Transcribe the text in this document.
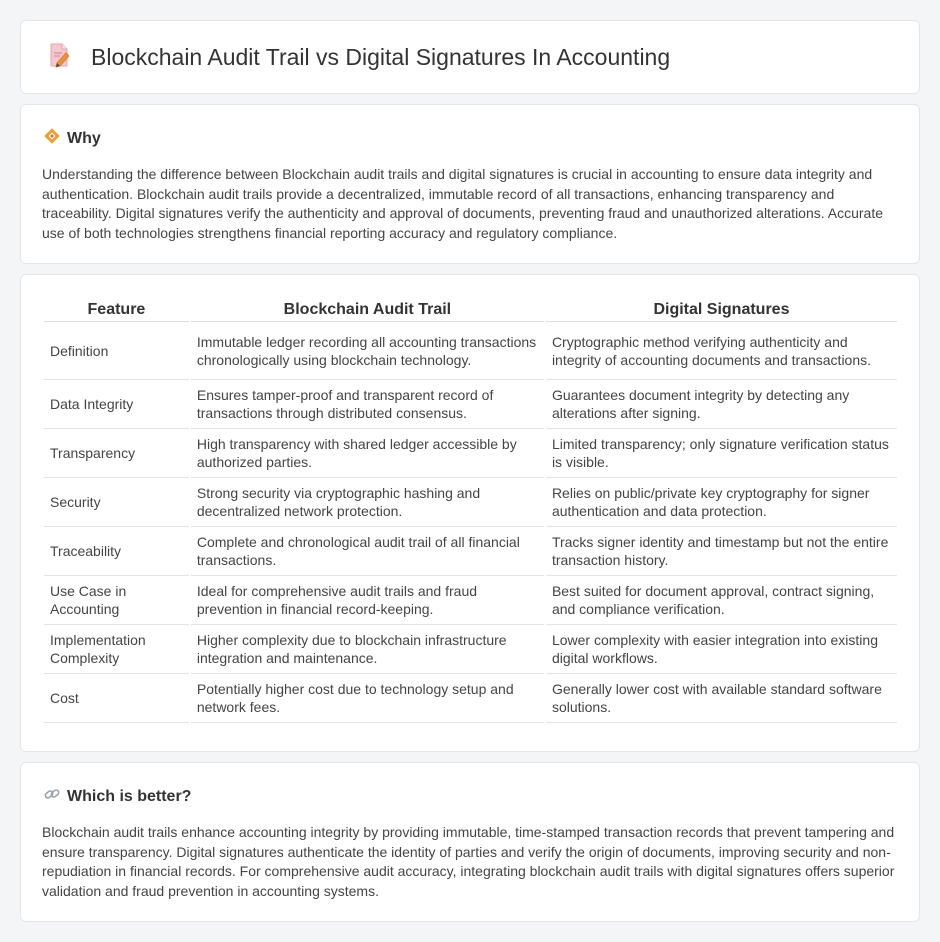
Blockchain Audit Trail vs Digital Signatures In Accounting
Why

Understanding the difference between Blockchain audit trails and digital signatures is crucial in accounting to ensure data integrity and authentication. Blockchain audit trails provide a decentralized, immutable record of all transactions, enhancing transparency and traceability. Digital signatures verify the authenticity and approval of documents, preventing fraud and unauthorized alterations. Accurate use of both technologies strengthens financial reporting accuracy and regulatory compliance.

Feature	Blockchain Audit Trail	Digital Signatures
Definition	Immutable ledger recording all accounting transactions chronologically using blockchain technology.	Cryptographic method verifying authenticity and integrity of accounting documents and transactions.
Data Integrity	Ensures tamper-proof and transparent record of transactions through distributed consensus.	Guarantees document integrity by detecting any alterations after signing.
Transparency	High transparency with shared ledger accessible by authorized parties.	Limited transparency; only signature verification status is visible.
Security	Strong security via cryptographic hashing and decentralized network protection.	Relies on public/private key cryptography for signer authentication and data protection.
Traceability	Complete and chronological audit trail of all financial transactions.	Tracks signer identity and timestamp but not the entire transaction history.
Use Case in Accounting	Ideal for comprehensive audit trails and fraud prevention in financial record-keeping.	Best suited for document approval, contract signing, and compliance verification.
Implementation Complexity	Higher complexity due to blockchain infrastructure integration and maintenance.	Lower complexity with easier integration into existing digital workflows.
Cost	Potentially higher cost due to technology setup and network fees.	Generally lower cost with available standard software solutions.
Which is better?

Blockchain audit trails enhance accounting integrity by providing immutable, time-stamped transaction records that prevent tampering and ensure transparency. Digital signatures authenticate the identity of parties and verify the origin of documents, improving security and non-repudiation in financial records. For comprehensive audit accuracy, integrating blockchain audit trails with digital signatures offers superior validation and fraud prevention in accounting systems.
